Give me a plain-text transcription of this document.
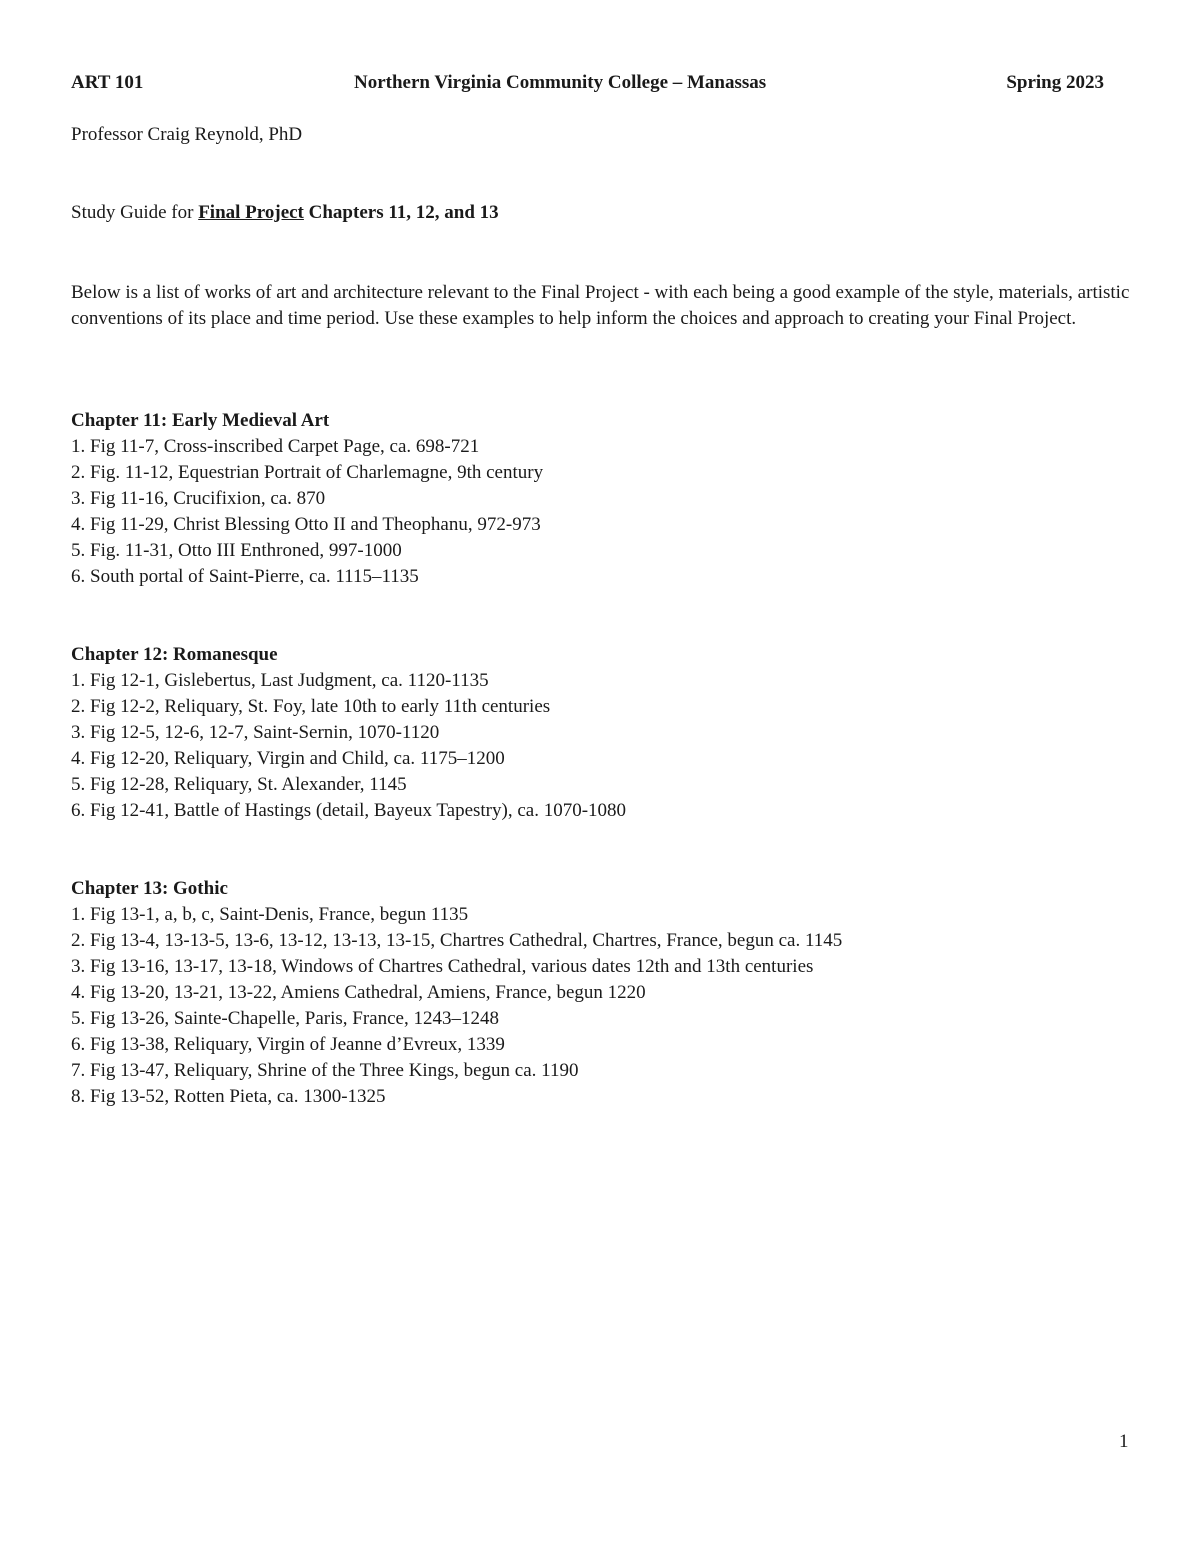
ART 101	Northern Virginia Community College – Manassas	Spring 2023
Professor Craig Reynold, PhD
Study Guide for Final Project Chapters 11, 12, and 13
Below is a list of works of art and architecture relevant to the Final Project - with each being a good example of the style, materials, artistic conventions of its place and time period. Use these examples to help inform the choices and approach to creating your Final Project.
Chapter 11: Early Medieval Art
1. Fig 11-7, Cross-inscribed Carpet Page, ca. 698-721
2. Fig. 11-12, Equestrian Portrait of Charlemagne, 9th century
3. Fig 11-16, Crucifixion, ca. 870
4. Fig 11-29, Christ Blessing Otto II and Theophanu, 972-973
5. Fig. 11-31, Otto III Enthroned, 997-1000
6. South portal of Saint-Pierre, ca. 1115–1135
Chapter 12: Romanesque
1. Fig 12-1, Gislebertus, Last Judgment, ca. 1120-1135
2. Fig 12-2, Reliquary, St. Foy, late 10th to early 11th centuries
3. Fig 12-5, 12-6, 12-7, Saint-Sernin, 1070-1120
4. Fig 12-20, Reliquary, Virgin and Child, ca. 1175–1200
5. Fig 12-28, Reliquary, St. Alexander, 1145
6. Fig 12-41, Battle of Hastings (detail, Bayeux Tapestry), ca. 1070-1080
Chapter 13: Gothic
1. Fig 13-1, a, b, c, Saint-Denis, France, begun 1135
2. Fig 13-4, 13-13-5, 13-6, 13-12, 13-13, 13-15, Chartres Cathedral, Chartres, France, begun ca. 1145
3. Fig 13-16, 13-17, 13-18, Windows of Chartres Cathedral, various dates 12th and 13th centuries
4. Fig 13-20, 13-21, 13-22, Amiens Cathedral, Amiens, France, begun 1220
5. Fig 13-26, Sainte-Chapelle, Paris, France, 1243–1248
6. Fig 13-38, Reliquary, Virgin of Jeanne d’Evreux, 1339
7. Fig 13-47, Reliquary, Shrine of the Three Kings, begun ca. 1190
8. Fig 13-52, Rotten Pieta, ca. 1300-1325
1
